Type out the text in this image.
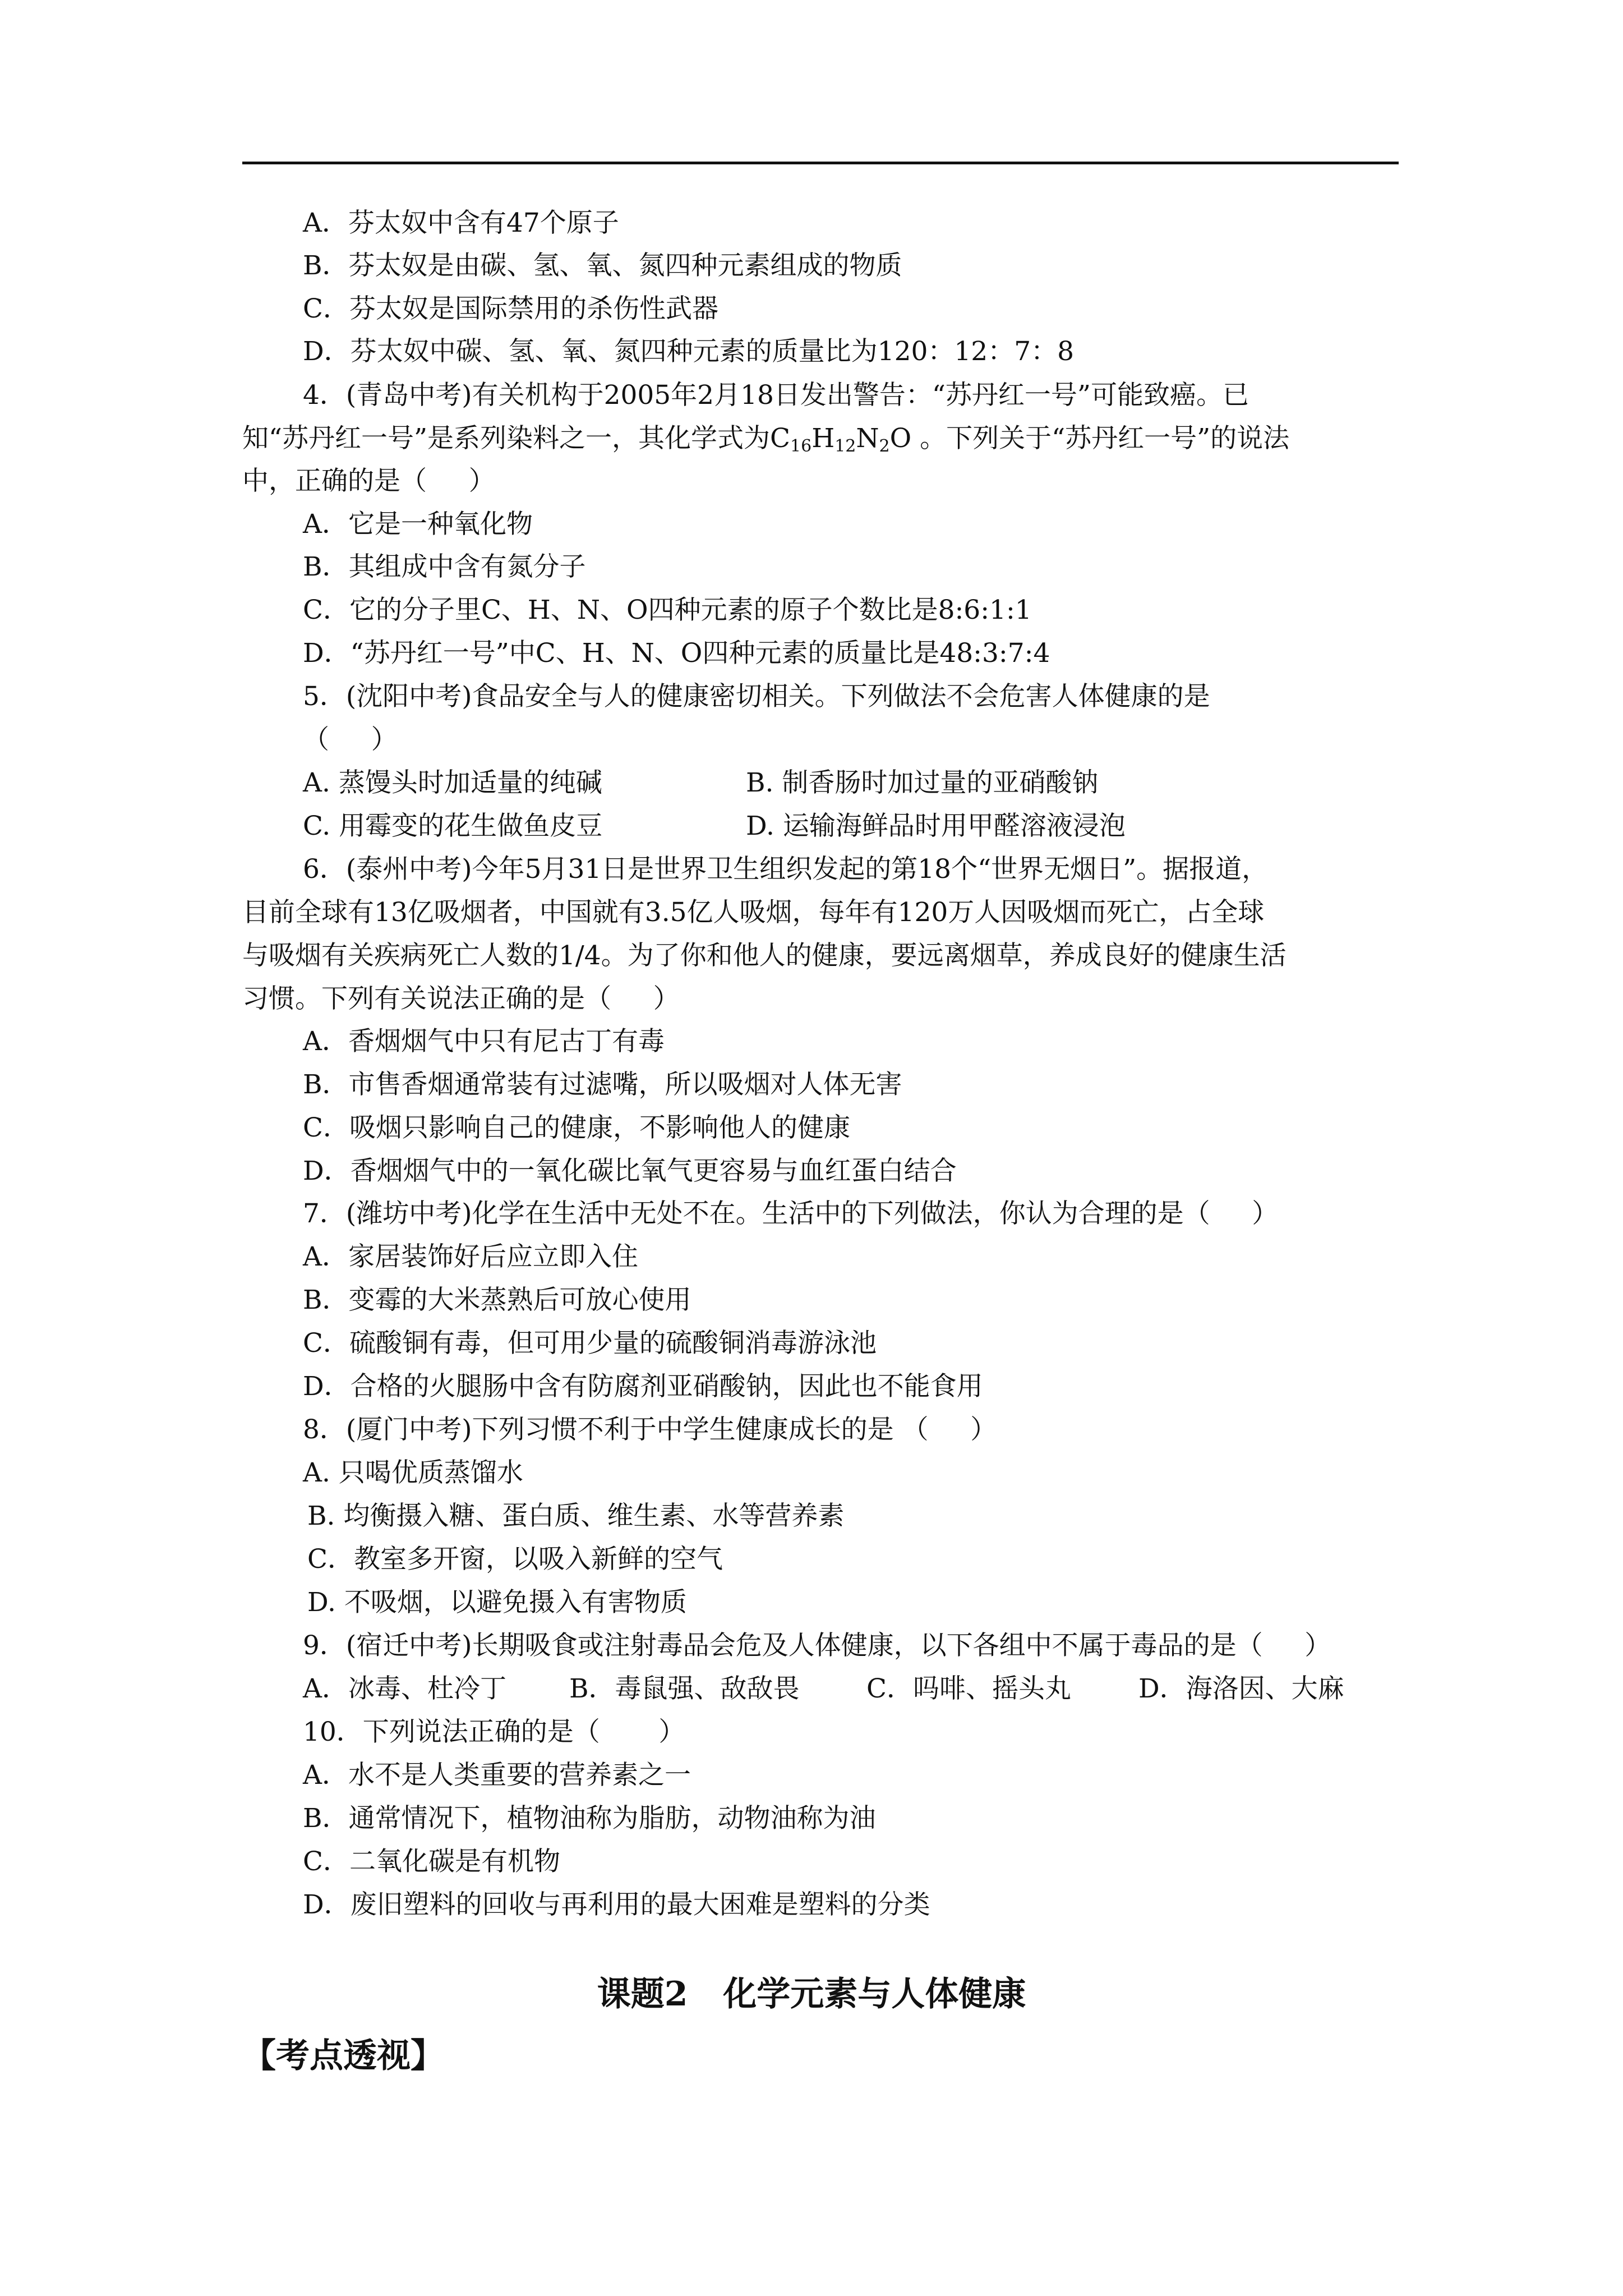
A．芬太奴中含有47个原子
B．芬太奴是由碳、氢、氧、氮四种元素组成的物质
C．芬太奴是国际禁用的杀伤性武器
D．芬太奴中碳、氢、氧、氮四种元素的质量比为120：12：7：8
4．(青岛中考)有关机构于2005年2月18日发出警告：“苏丹红一号”可能致癌。已
知“苏丹红一号”是系列染料之一，其化学式为$C_{16}H_{12}N_2O$ 。下列关于“苏丹红一号”的说法
中，正确的是（     ）
A．它是一种氧化物
B．其组成中含有氮分子
C．它的分子里C、H、N、O四种元素的原子个数比是8:6:1:1
D．“苏丹红一号”中C、H、N、O四种元素的质量比是48:3:7:4
5．(沈阳中考)食品安全与人的健康密切相关。下列做法不会危害人体健康的是
（     ）
A. 蒸馒头时加适量的纯碱	B. 制香肠时加过量的亚硝酸钠
C. 用霉变的花生做鱼皮豆	D. 运输海鲜品时用甲醛溶液浸泡
6．(泰州中考)今年5月31日是世界卫生组织发起的第18个“世界无烟日”。据报道，
目前全球有13亿吸烟者，中国就有3.5亿人吸烟，每年有120万人因吸烟而死亡，占全球
与吸烟有关疾病死亡人数的1/4。为了你和他人的健康，要远离烟草，养成良好的健康生活
习惯。下列有关说法正确的是（     ）
A．香烟烟气中只有尼古丁有毒
B．市售香烟通常装有过滤嘴，所以吸烟对人体无害
C．吸烟只影响自己的健康，不影响他人的健康
D．香烟烟气中的一氧化碳比氧气更容易与血红蛋白结合
7．(潍坊中考)化学在生活中无处不在。生活中的下列做法，你认为合理的是（     ）
A．家居装饰好后应立即入住
B．变霉的大米蒸熟后可放心使用
C．硫酸铜有毒，但可用少量的硫酸铜消毒游泳池
D．合格的火腿肠中含有防腐剂亚硝酸钠，因此也不能食用
8．(厦门中考)下列习惯不利于中学生健康成长的是 （     ）
A. 只喝优质蒸馏水
B. 均衡摄入糖、蛋白质、维生素、水等营养素
C．教室多开窗，以吸入新鲜的空气
D. 不吸烟，以避免摄入有害物质
9．(宿迁中考)长期吸食或注射毒品会危及人体健康，以下各组中不属于毒品的是（     ）
A．冰毒、杜冷丁 B．毒鼠强、敌敌畏	C．吗啡、摇头丸	D．海洛因、大麻
10．下列说法正确的是（       ）
A．水不是人类重要的营养素之一
B．通常情况下，植物油称为脂肪，动物油称为油
C．二氧化碳是有机物
D．废旧塑料的回收与再利用的最大困难是塑料的分类
课题2   化学元素与人体健康
【考点透视】
